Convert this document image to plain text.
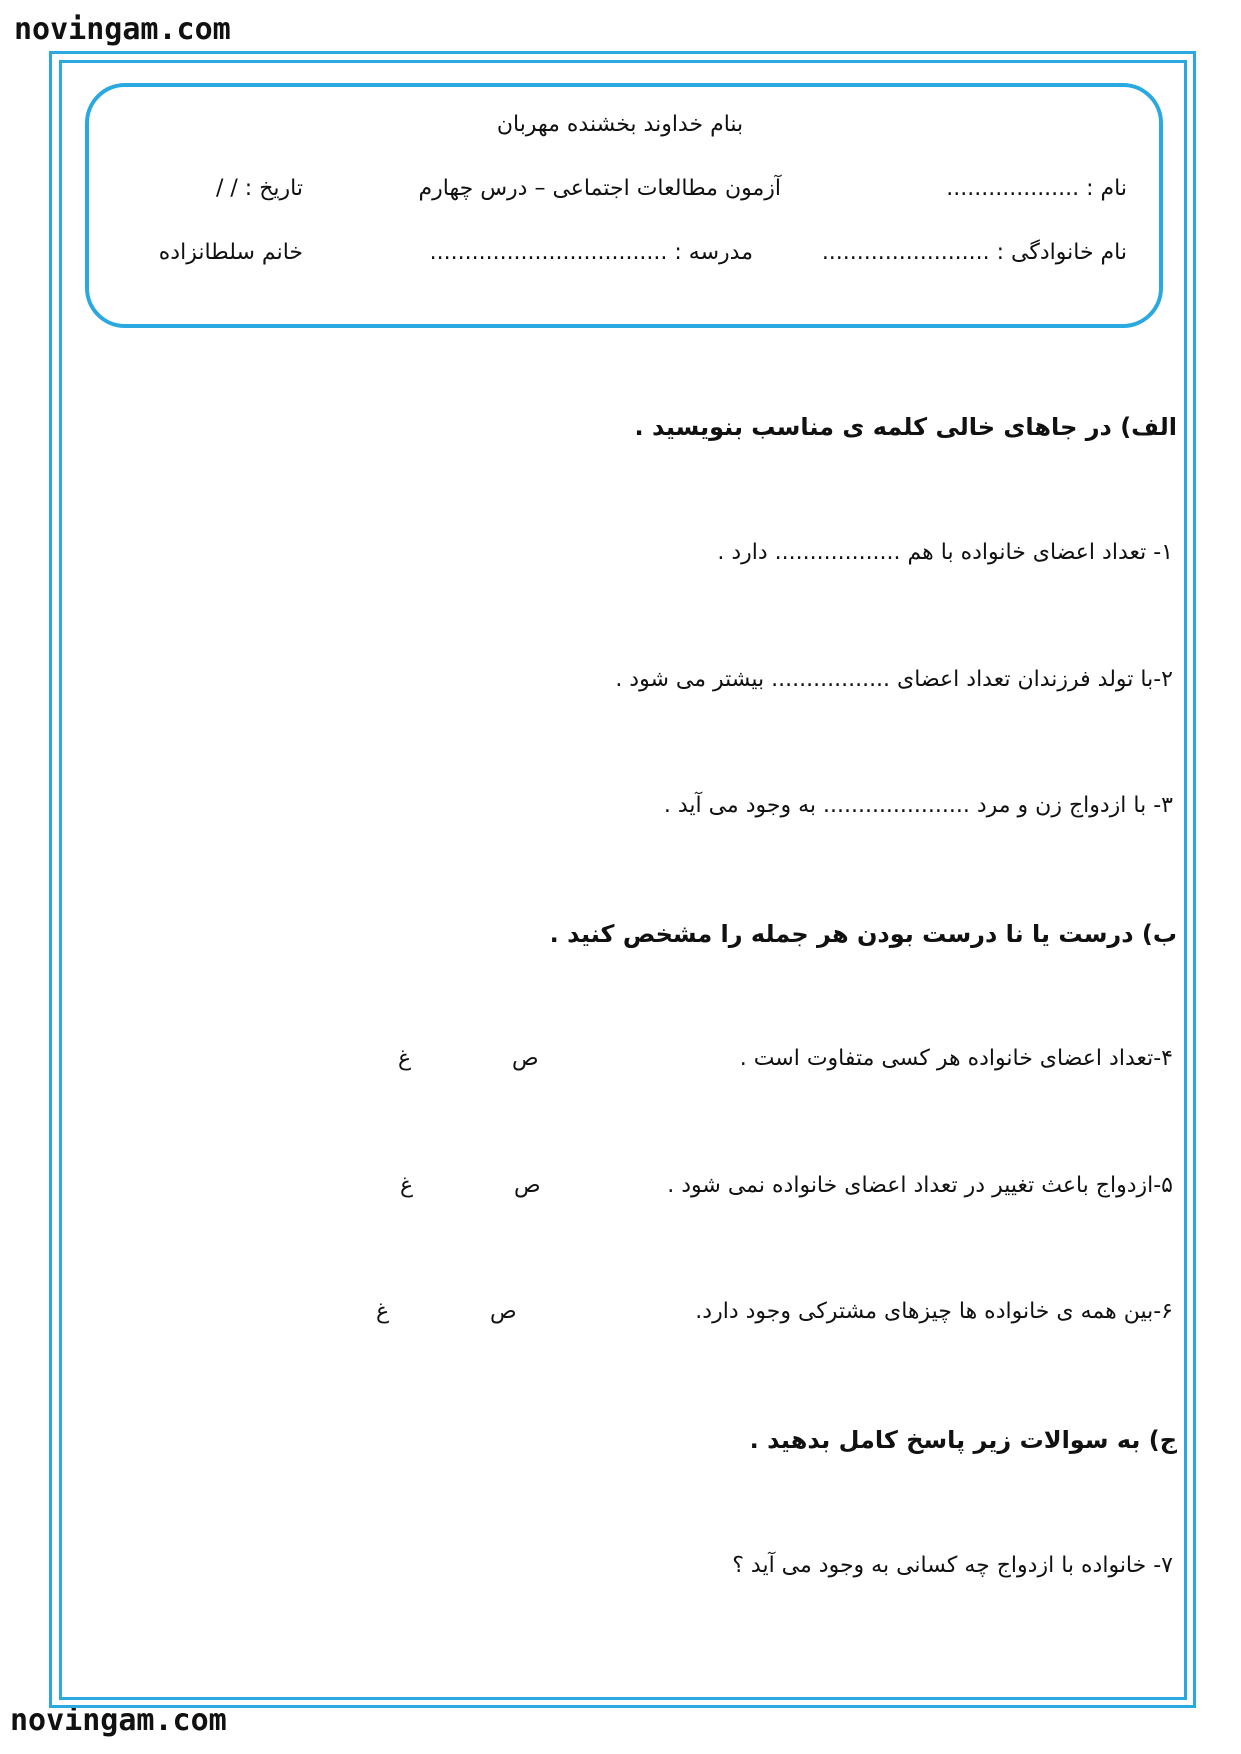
novingam.com
novingam.com
بنام خداوند بخشنده مهربان
نام : ...................
آزمون مطالعات اجتماعی – درس چهارم
تاریخ : / /
نام خانوادگی : ........................
مدرسه : ..................................
خانم سلطانزاده
الف) در جاهای خالی کلمه ی مناسب بنویسید .
۱- تعداد اعضای خانواده با هم .................. دارد .
۲-با تولد فرزندان تعداد اعضای ................. بیشتر می شود .
۳- با ازدواج زن و مرد ..................... به وجود می آید .
ب) درست یا نا درست بودن هر جمله را مشخص کنید .
۴-تعداد اعضای خانواده هر کسی متفاوت است .
ص
غ
۵-ازدواج باعث تغییر در تعداد اعضای خانواده نمی شود .
ص
غ
۶-بین همه ی خانواده ها چیزهای مشترکی وجود دارد.
ص
غ
ج) به سوالات زیر پاسخ کامل بدهید .
۷- خانواده با ازدواج چه کسانی به وجود می آید ؟
